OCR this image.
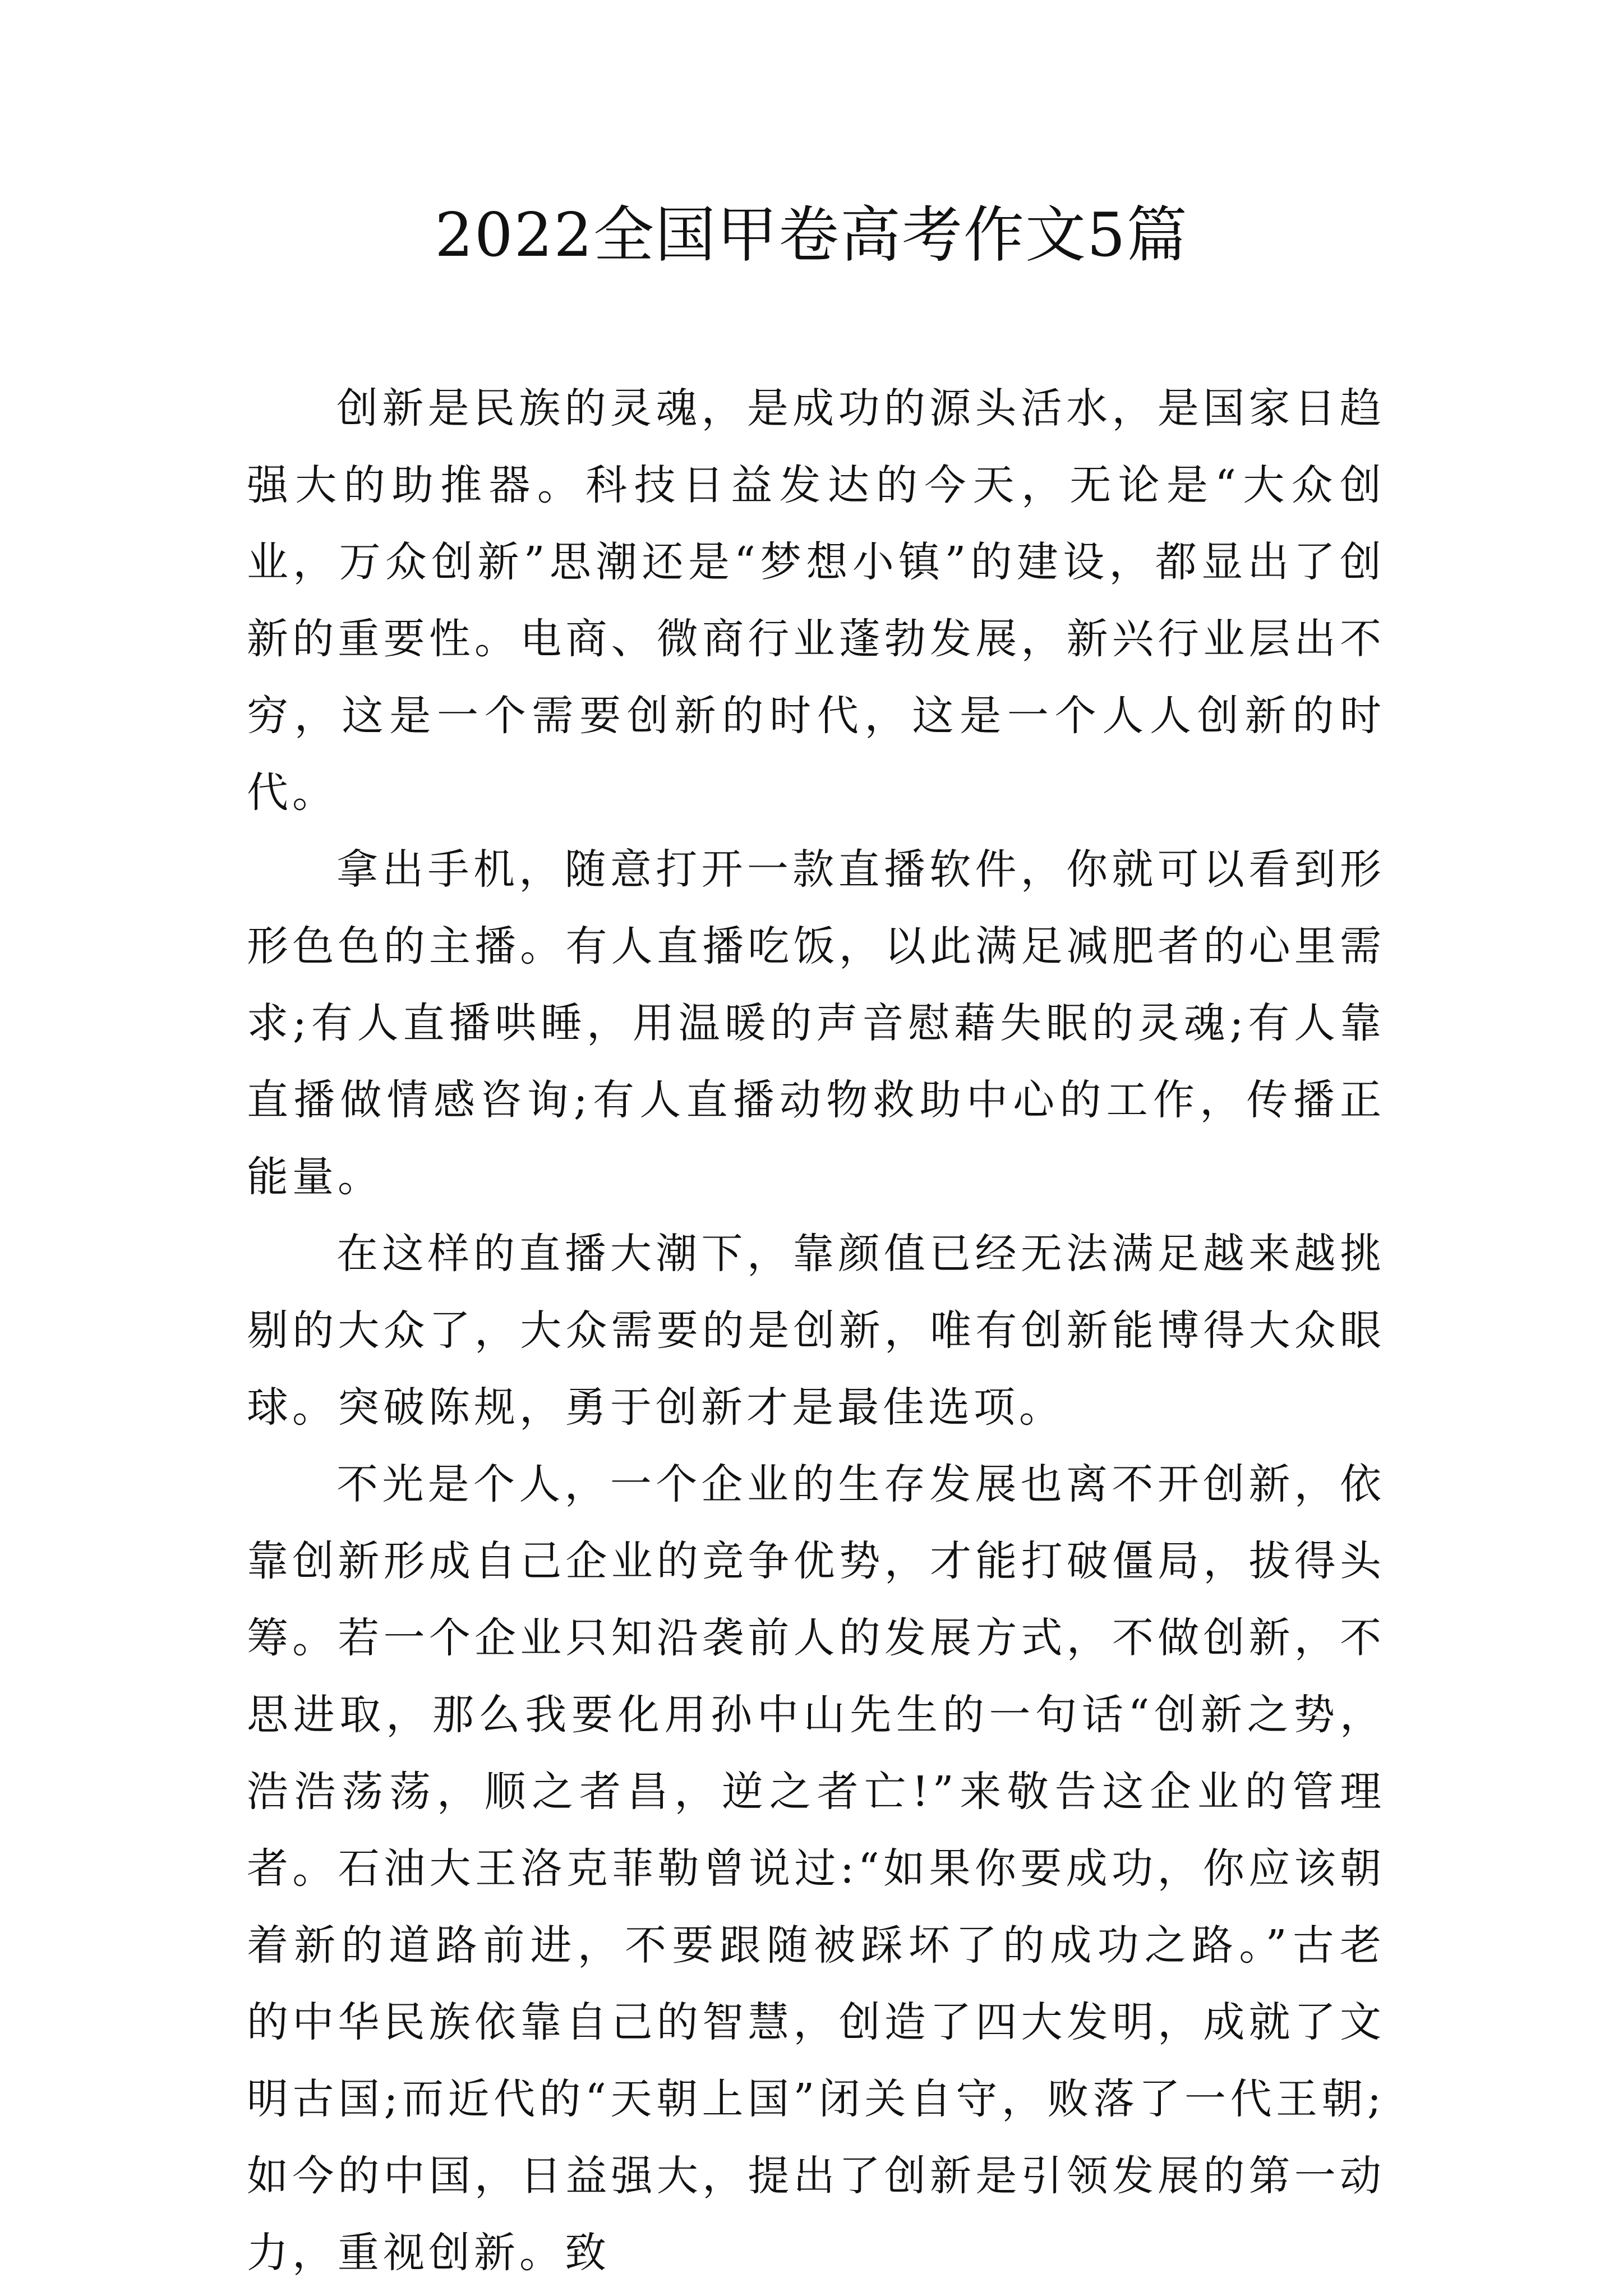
2022全国甲卷高考作文5篇

创新是民族的灵魂，是成功的源头活水，是国家日趋强大的助推器。科技日益发达的今天，无论是“大众创业，万众创新”思潮还是“梦想小镇”的建设，都显出了创新的重要性。电商、微商行业蓬勃发展，新兴行业层出不穷，这是一个需要创新的时代，这是一个人人创新的时代。

拿出手机，随意打开一款直播软件，你就可以看到形形色色的主播。有人直播吃饭，以此满足减肥者的心里需求;有人直播哄睡，用温暖的声音慰藉失眠的灵魂;有人靠直播做情感咨询;有人直播动物救助中心的工作，传播正能量。

在这样的直播大潮下，靠颜值已经无法满足越来越挑剔的大众了，大众需要的是创新，唯有创新能博得大众眼球。突破陈规，勇于创新才是最佳选项。

不光是个人，一个企业的生存发展也离不开创新，依靠创新形成自己企业的竞争优势，才能打破僵局，拔得头筹。若一个企业只知沿袭前人的发展方式，不做创新，不思进取，那么我要化用孙中山先生的一句话“创新之势，浩浩荡荡，顺之者昌，逆之者亡!”来敬告这企业的管理者。石油大王洛克菲勒曾说过:“如果你要成功，你应该朝着新的道路前进，不要跟随被踩坏了的成功之路。”古老的中华民族依靠自己的智慧，创造了四大发明，成就了文明古国;而近代的“天朝上国”闭关自守，败落了一代王朝;如今的中国，日益强大，提出了创新是引领发展的第一动力，重视创新。致
